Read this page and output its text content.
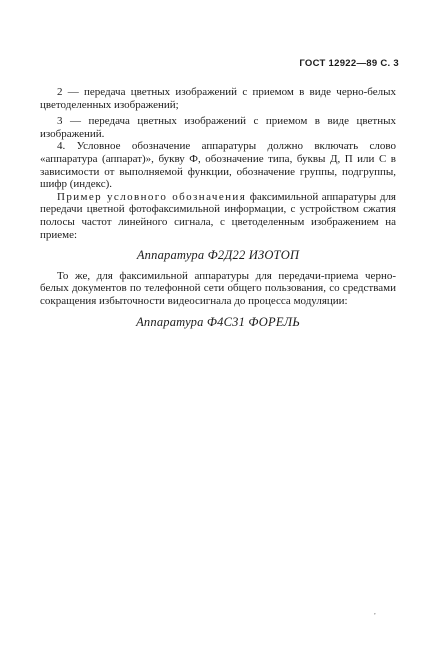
ГОСТ 12922—89 С. 3

2 — передача цветных изображений с приемом в виде черно-белых цветоделенных изображений;

3 — передача цветных изображений с приемом в виде цветных изображений.

4. Условное обозначение аппаратуры должно включать слово «аппаратура (аппарат)», букву Ф, обозначение типа, буквы Д, П или С в зависимости от выполняемой функции, обозначение группы, подгруппы, шифр (индекс).

Пример условного обозначения факсимильной аппаратуры для передачи цветной фотофаксимильной информации, с устройством сжатия полосы частот линейного сигнала, с цветоделенным изображением на приеме:

Аппаратура Ф2Д22 ИЗОТОП

То же, для факсимильной аппаратуры для передачи-приема черно-белых документов по телефонной сети общего пользования, со средствами сокращения избыточности видеосигнала до процесса модуляции:

Аппаратура Ф4С31 ФОРЕЛЬ

,
